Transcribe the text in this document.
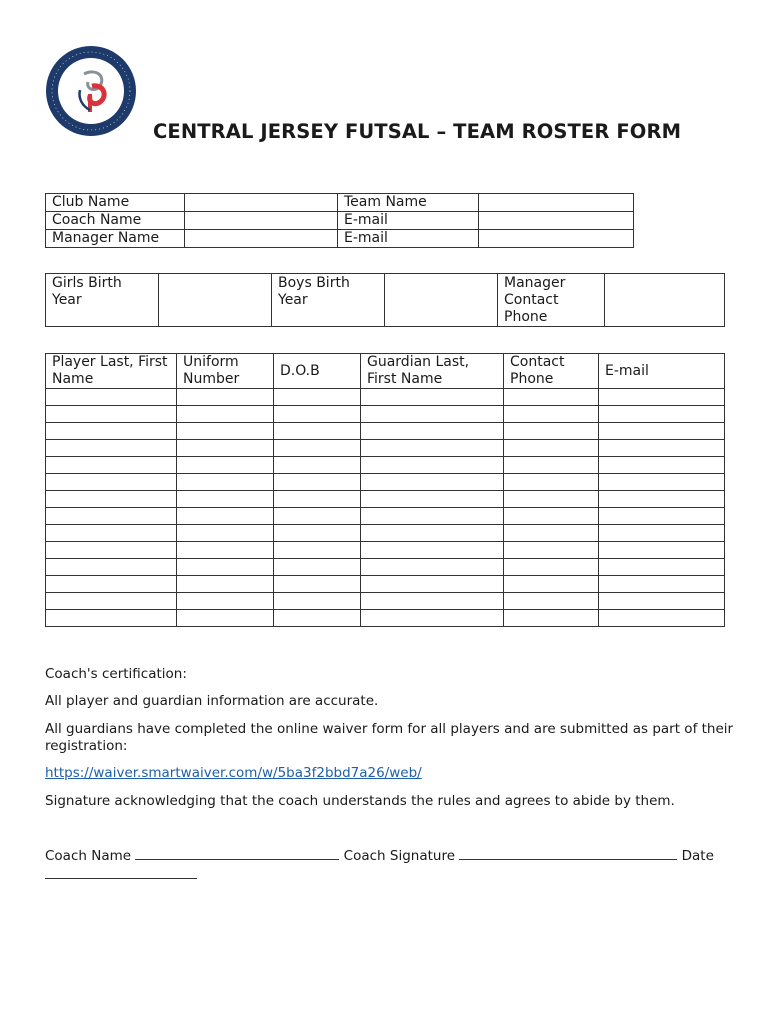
CENTRAL JERSEY FUTSAL – TEAM ROSTER FORM
Club Name		Team Name	
Coach Name		E-mail	
Manager Name		E-mail	
Girls Birth Year		Boys Birth Year		Manager Contact Phone	
Player Last, First Name	Uniform Number	D.O.B	Guardian Last, First Name	Contact Phone	E-mail

Coach's certification:
All player and guardian information are accurate.
All guardians have completed the online waiver form for all players and are submitted as part of their registration:
https://waiver.smartwaiver.com/w/5ba3f2bbd7a26/web/
Signature acknowledging that the coach understands the rules and agrees to abide by them.
Coach Name	Coach Signature	Date
